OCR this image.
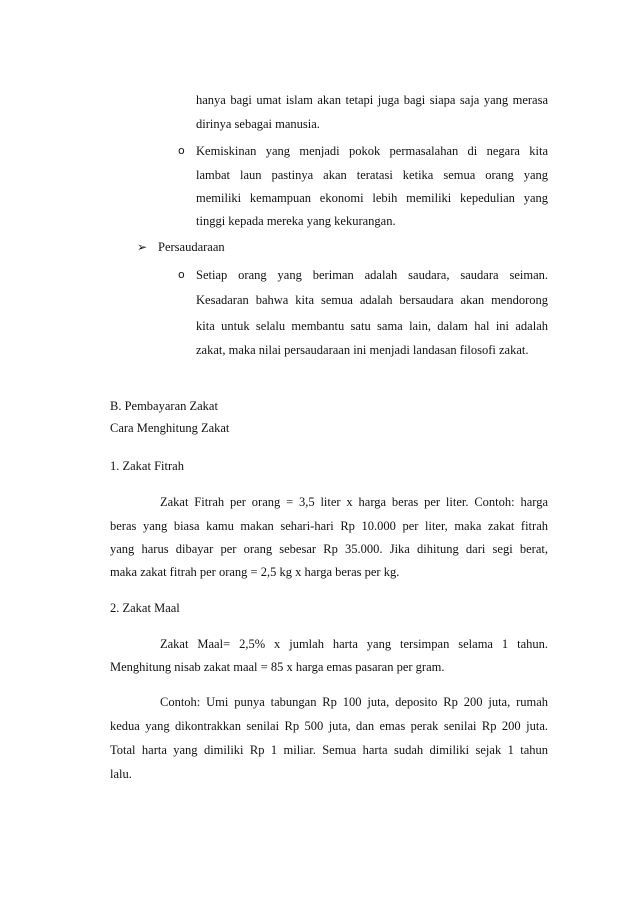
hanya bagi umat islam akan tetapi juga bagi siapa saja yang merasa
dirinya sebagai manusia.
o Kemiskinan yang menjadi pokok permasalahan di negara kita
lambat laun pastinya akan teratasi ketika semua orang yang
memiliki kemampuan ekonomi lebih memiliki kepedulian yang
tinggi kepada mereka yang kekurangan.
➢ Persaudaraan
o Setiap orang yang beriman adalah saudara, saudara seiman.
Kesadaran bahwa kita semua adalah bersaudara akan mendorong
kita untuk selalu membantu satu sama lain, dalam hal ini adalah
zakat, maka nilai persaudaraan ini menjadi landasan filosofi zakat.
B. Pembayaran Zakat
Cara Menghitung Zakat
1. Zakat Fitrah
Zakat Fitrah per orang = 3,5 liter x harga beras per liter. Contoh: harga
beras yang biasa kamu makan sehari-hari Rp 10.000 per liter, maka zakat fitrah
yang harus dibayar per orang sebesar Rp 35.000. Jika dihitung dari segi berat,
maka zakat fitrah per orang = 2,5 kg x harga beras per kg.
2. Zakat Maal
Zakat Maal= 2,5% x jumlah harta yang tersimpan selama 1 tahun.
Menghitung nisab zakat maal = 85 x harga emas pasaran per gram.
Contoh: Umi punya tabungan Rp 100 juta, deposito Rp 200 juta, rumah
kedua yang dikontrakkan senilai Rp 500 juta, dan emas perak senilai Rp 200 juta.
Total harta yang dimiliki Rp 1 miliar. Semua harta sudah dimiliki sejak 1 tahun
lalu.
